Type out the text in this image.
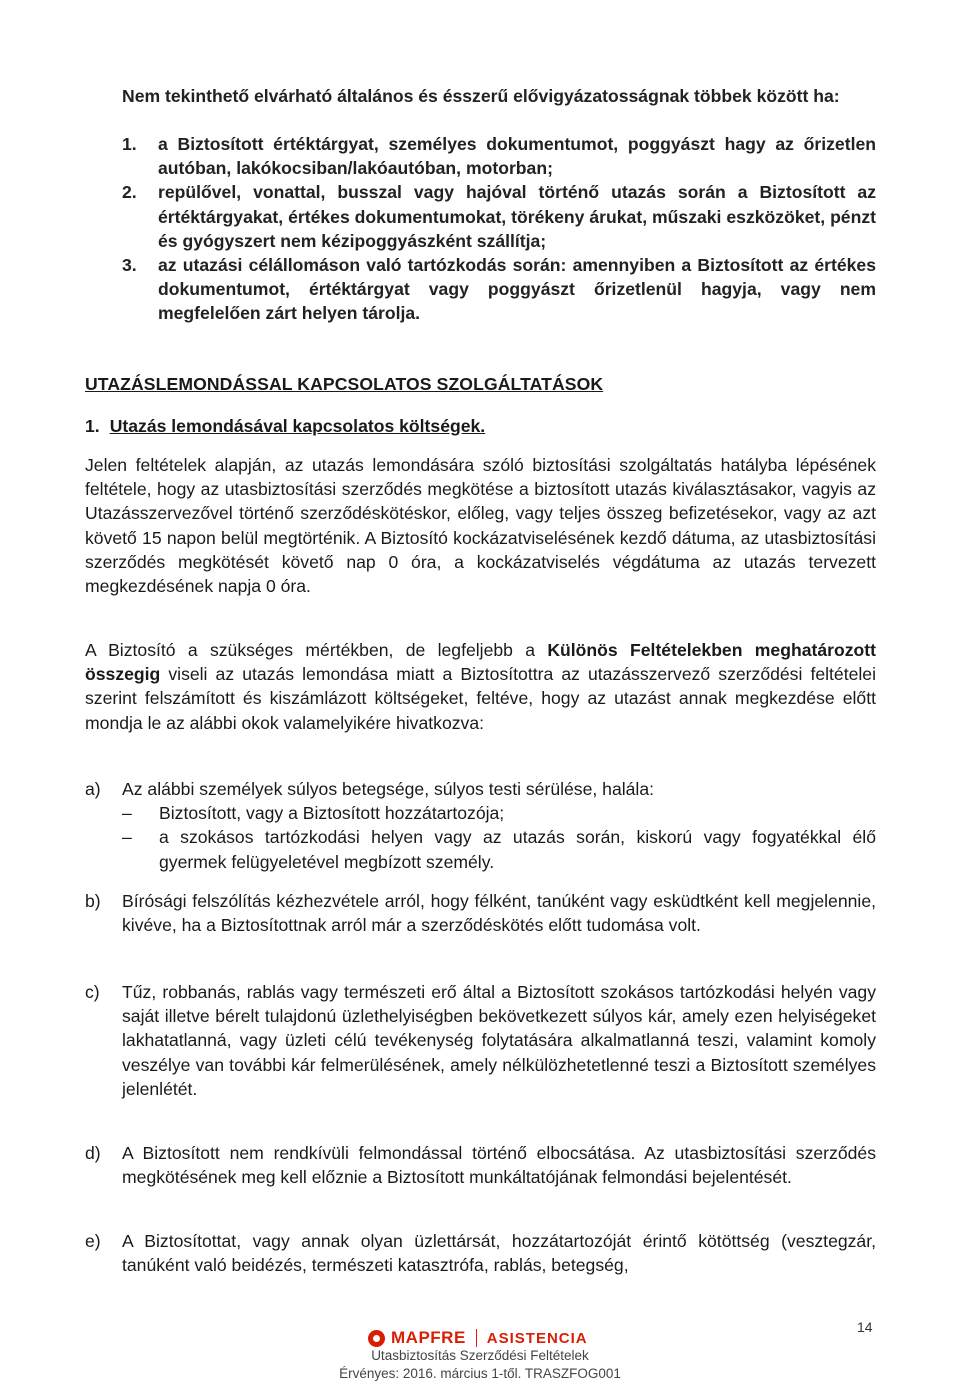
Nem tekinthető elvárható általános és ésszerű elővigyázatosságnak többek között ha:
1. a Biztosított értéktárgyat, személyes dokumentumot, poggyászt hagy az őrizetlen autóban, lakókocsiban/lakóautóban, motorban;
2. repülővel, vonattal, busszal vagy hajóval történő utazás során a Biztosított az értéktárgyakat, értékes dokumentumokat, törékeny árukat, műszaki eszközöket, pénzt és gyógyszert nem kézipoggyászként szállítja;
3. az utazási célállomáson való tartózkodás során: amennyiben a Biztosított az értékes dokumentumot, értéktárgyat vagy poggyászt őrizetlenül hagyja, vagy nem megfelelően zárt helyen tárolja.
UTAZÁSLEMONDÁSSAL KAPCSOLATOS SZOLGÁLTATÁSOK
1. Utazás lemondásával kapcsolatos költségek.
Jelen feltételek alapján, az utazás lemondására szóló biztosítási szolgáltatás hatályba lépésének feltétele, hogy az utasbiztosítási szerződés megkötése a biztosított utazás kiválasztásakor, vagyis az Utazásszervezővel történő szerződéskötéskor, előleg, vagy teljes összeg befizetésekor, vagy az azt követő 15 napon belül megtörténik. A Biztosító kockázatviselésének kezdő dátuma, az utasbiztosítási szerződés megkötését követő nap 0 óra, a kockázatviselés végdátuma az utazás tervezett megkezdésének napja 0 óra.
A Biztosító a szükséges mértékben, de legfeljebb a Különös Feltételekben meghatározott összegig viseli az utazás lemondása miatt a Biztosítottra az utazásszervező szerződési feltételei szerint felszámított és kiszámlázott költségeket, feltéve, hogy az utazást annak megkezdése előtt mondja le az alábbi okok valamelyikére hivatkozva:
a) Az alábbi személyek súlyos betegsége, súlyos testi sérülése, halála:
– Biztosított, vagy a Biztosított hozzátartozója;
– a szokásos tartózkodási helyen vagy az utazás során, kiskorú vagy fogyatékkal élő gyermek felügyeletével megbízott személy.
b) Bírósági felszólítás kézhezvétele arról, hogy félként, tanúként vagy esküdtként kell megjelennie, kivéve, ha a Biztosítottnak arról már a szerződéskötés előtt tudomása volt.
c) Tűz, robbanás, rablás vagy természeti erő által a Biztosított szokásos tartózkodási helyén vagy saját illetve bérelt tulajdonú üzlethelyiségben bekövetkezett súlyos kár, amely ezen helyiségeket lakhatatlanná, vagy üzleti célú tevékenység folytatására alkalmatlanná teszi, valamint komoly veszélye van további kár felmerülésének, amely nélkülözhetetlenné teszi a Biztosított személyes jelenlétét.
d) A Biztosított nem rendkívüli felmondással történő elbocsátása. Az utasbiztosítási szerződés megkötésének meg kell előznie a Biztosított munkáltatójának felmondási bejelentését.
e) A Biztosítottat, vagy annak olyan üzlettársát, hozzátartozóját érintő kötöttség (vesztegzár, tanúként való beidézés, természeti katasztrófa, rablás, betegség,
MAPFRE ASISTENCIA
Utasbiztosítás Szerződési Feltételek
Érvényes: 2016. március 1-től. TRASZFOG001
14
